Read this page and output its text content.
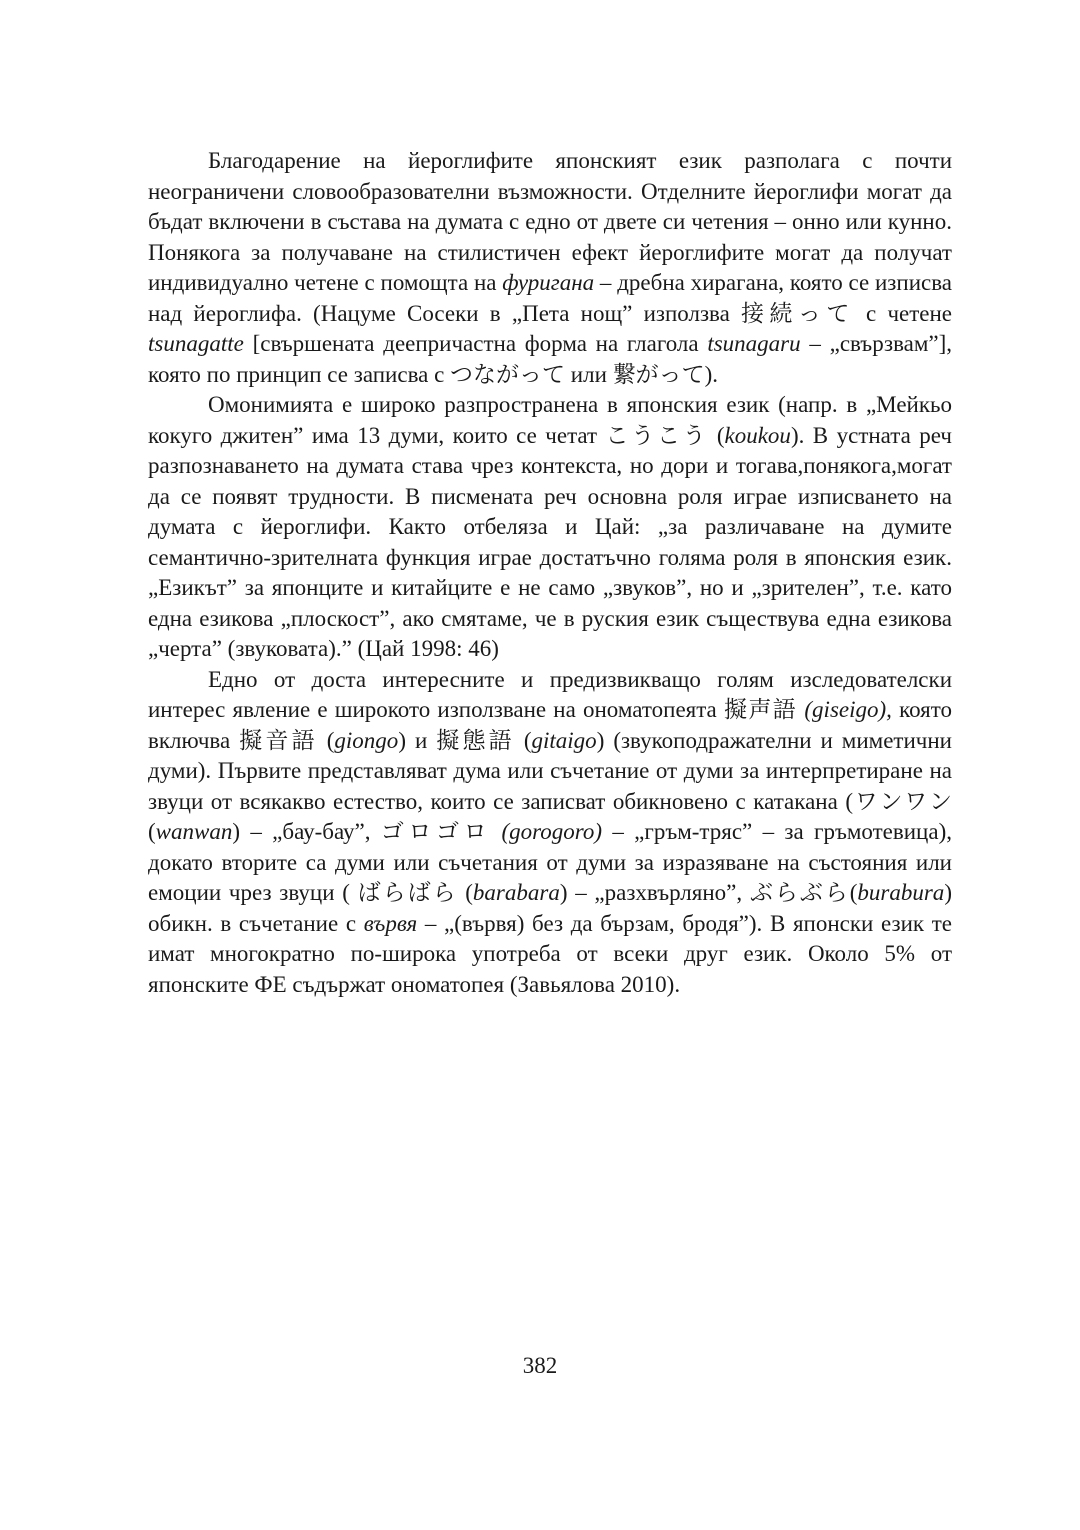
Благодарение на йероглифите японският език разполага с почти неограничени словообразователни възможности. Отделните йероглифи могат да бъдат включени в състава на думата с едно от двете си четения – онно или кунно. Понякога за получаване на стилистичен ефект йероглифите могат да получат индивидуално четене с помощта на фуригана – дребна хирагана, която се изписва над йероглифа. (Нацуме Сосеки в „Пета нощ” използва 接続って с четене tsunagatte [свършената деепричастна форма на глагола tsunagaru – „свързвам”], която по принцип се записва с つながって или 繋がって).

Омонимията е широко разпространена в японския език (напр. в „Мейкьо кокуго джитен” има 13 думи, които се четат こうこう (koukou). В устната реч разпознаването на думата става чрез контекста, но дори и тогава,понякога,могат да се появят трудности. В писмената реч основна роля играе изписването на думата с йероглифи. Както отбеляза и Цай: „за различаване на думите семантично-зрителната функция играе достатъчно голяма роля в японския език. „Езикът” за японците и китайците е не само „звуков”, но и „зрителен”, т.е. като една езикова „плоскост”, ако смятаме, че в руския език съществува една езикова „черта” (звуковата).” (Цай 1998: 46)

Едно от доста интересните и предизвикващо голям изследователски интерес явление е широкото използване на ономатопеята 擬声語 (giseigo), която включва 擬音語 (giongo) и 擬態語 (gitaigo) (звукоподражателни и миметични думи). Първите представляват дума или съчетание от думи за интерпретиране на звуци от всякакво естество, които се записват обикновено с катакана (ワンワン (wanwan) – „бау-бау”, ゴロゴロ (gorogoro) – „гръм-тряс” – за гръмотевица), докато вторите са думи или съчетания от думи за изразяване на състояния или емоции чрез звуци ( ばらばら (barabara) – „разхвърляно”, ぶらぶら(burabura) обикн. в съчетание с вървя – „(вървя) без да бързам, бродя”). В японски език те имат многократно по-широка употреба от всеки друг език. Около 5% от японските ФЕ съдържат ономатопея (Завьялова 2010).

382
